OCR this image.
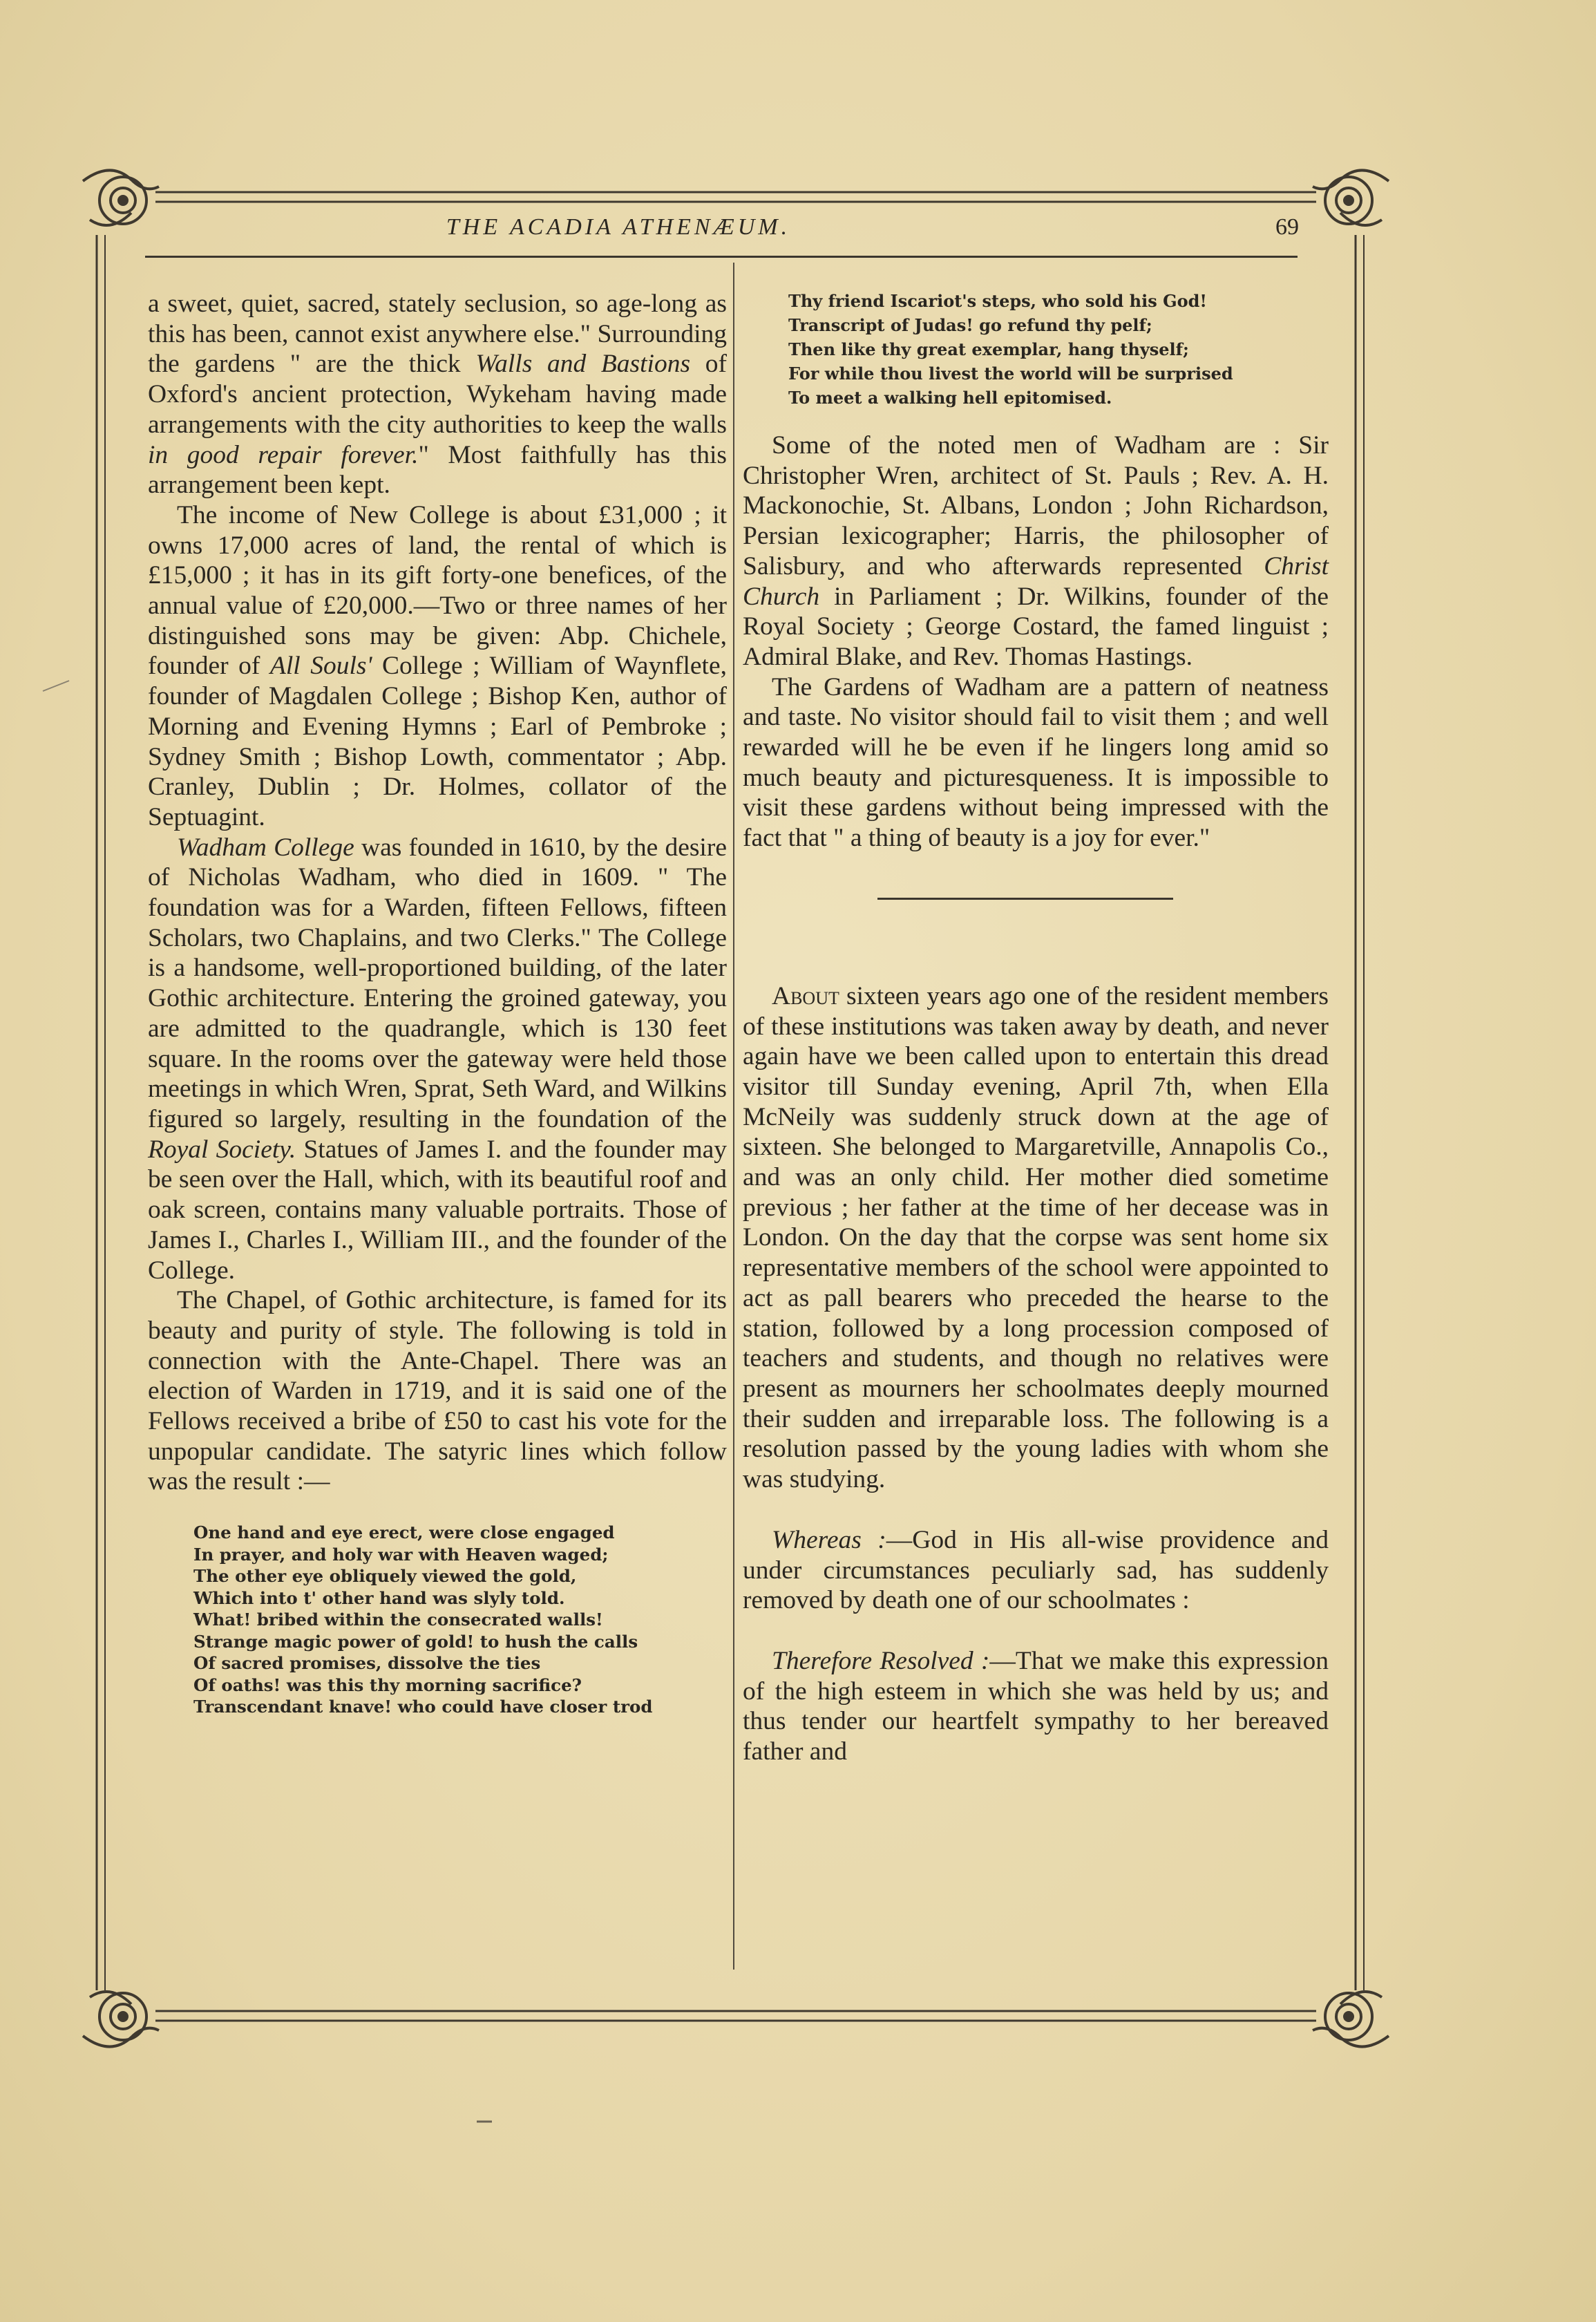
THE ACADIA ATHENÆUM.	69

a sweet, quiet, sacred, stately seclusion, so age-long as this has been, cannot exist anywhere else." Surrounding the gardens " are the thick Walls and Bastions of Oxford's ancient protection, Wykeham having made arrangements with the city authorities to keep the walls in good repair forever." Most faithfully has this arrangement been kept.

The income of New College is about £31,000 ; it owns 17,000 acres of land, the rental of which is £15,000 ; it has in its gift forty-one benefices, of the annual value of £20,000.—Two or three names of her distinguished sons may be given: Abp. Chichele, founder of All Souls' College ; William of Waynflete, founder of Magdalen College ; Bishop Ken, author of Morning and Evening Hymns ; Earl of Pembroke ; Sydney Smith ; Bishop Lowth, commentator ; Abp. Cranley, Dublin ; Dr. Holmes, collator of the Septuagint.

Wadham College was founded in 1610, by the desire of Nicholas Wadham, who died in 1609. " The foundation was for a Warden, fifteen Fellows, fifteen Scholars, two Chaplains, and two Clerks." The College is a handsome, well-proportioned building, of the later Gothic architecture. Entering the groined gateway, you are admitted to the quadrangle, which is 130 feet square. In the rooms over the gateway were held those meetings in which Wren, Sprat, Seth Ward, and Wilkins figured so largely, resulting in the foundation of the Royal Society. Statues of James I. and the founder may be seen over the Hall, which, with its beautiful roof and oak screen, contains many valuable portraits. Those of James I., Charles I., William III., and the founder of the College.

The Chapel, of Gothic architecture, is famed for its beauty and purity of style. The following is told in connection with the Ante-Chapel. There was an election of Warden in 1719, and it is said one of the Fellows received a bribe of £50 to cast his vote for the unpopular candidate. The satyric lines which follow was the result :—

One hand and eye erect, were close engaged
In prayer, and holy war with Heaven waged;
The other eye obliquely viewed the gold,
Which into t' other hand was slyly told.
What! bribed within the consecrated walls!
Strange magic power of gold! to hush the calls
Of sacred promises, dissolve the ties
Of oaths! was this thy morning sacrifice?
Transcendant knave! who could have closer trod
Thy friend Iscariot's steps, who sold his God!
Transcript of Judas! go refund thy pelf;
Then like thy great exemplar, hang thyself;
For while thou livest the world will be surprised
To meet a walking hell epitomised.

Some of the noted men of Wadham are : Sir Christopher Wren, architect of St. Pauls ; Rev. A. H. Mackonochie, St. Albans, London ; John Richardson, Persian lexicographer; Harris, the philosopher of Salisbury, and who afterwards represented Christ Church in Parliament ; Dr. Wilkins, founder of the Royal Society ; George Costard, the famed linguist ; Admiral Blake, and Rev. Thomas Hastings.

The Gardens of Wadham are a pattern of neatness and taste. No visitor should fail to visit them ; and well rewarded will he be even if he lingers long amid so much beauty and picturesqueness. It is impossible to visit these gardens without being impressed with the fact that " a thing of beauty is a joy for ever."

About sixteen years ago one of the resident members of these institutions was taken away by death, and never again have we been called upon to entertain this dread visitor till Sunday evening, April 7th, when Ella McNeily was suddenly struck down at the age of sixteen. She belonged to Margaretville, Annapolis Co., and was an only child. Her mother died sometime previous ; her father at the time of her decease was in London. On the day that the corpse was sent home six representative members of the school were appointed to act as pall bearers who preceded the hearse to the station, followed by a long procession composed of teachers and students, and though no relatives were present as mourners her schoolmates deeply mourned their sudden and irreparable loss. The following is a resolution passed by the young ladies with whom she was studying.

Whereas :—God in His all-wise providence and under circumstances peculiarly sad, has suddenly removed by death one of our schoolmates :

Therefore Resolved :—That we make this expression of the high esteem in which she was held by us; and thus tender our heartfelt sympathy to her bereaved father and
